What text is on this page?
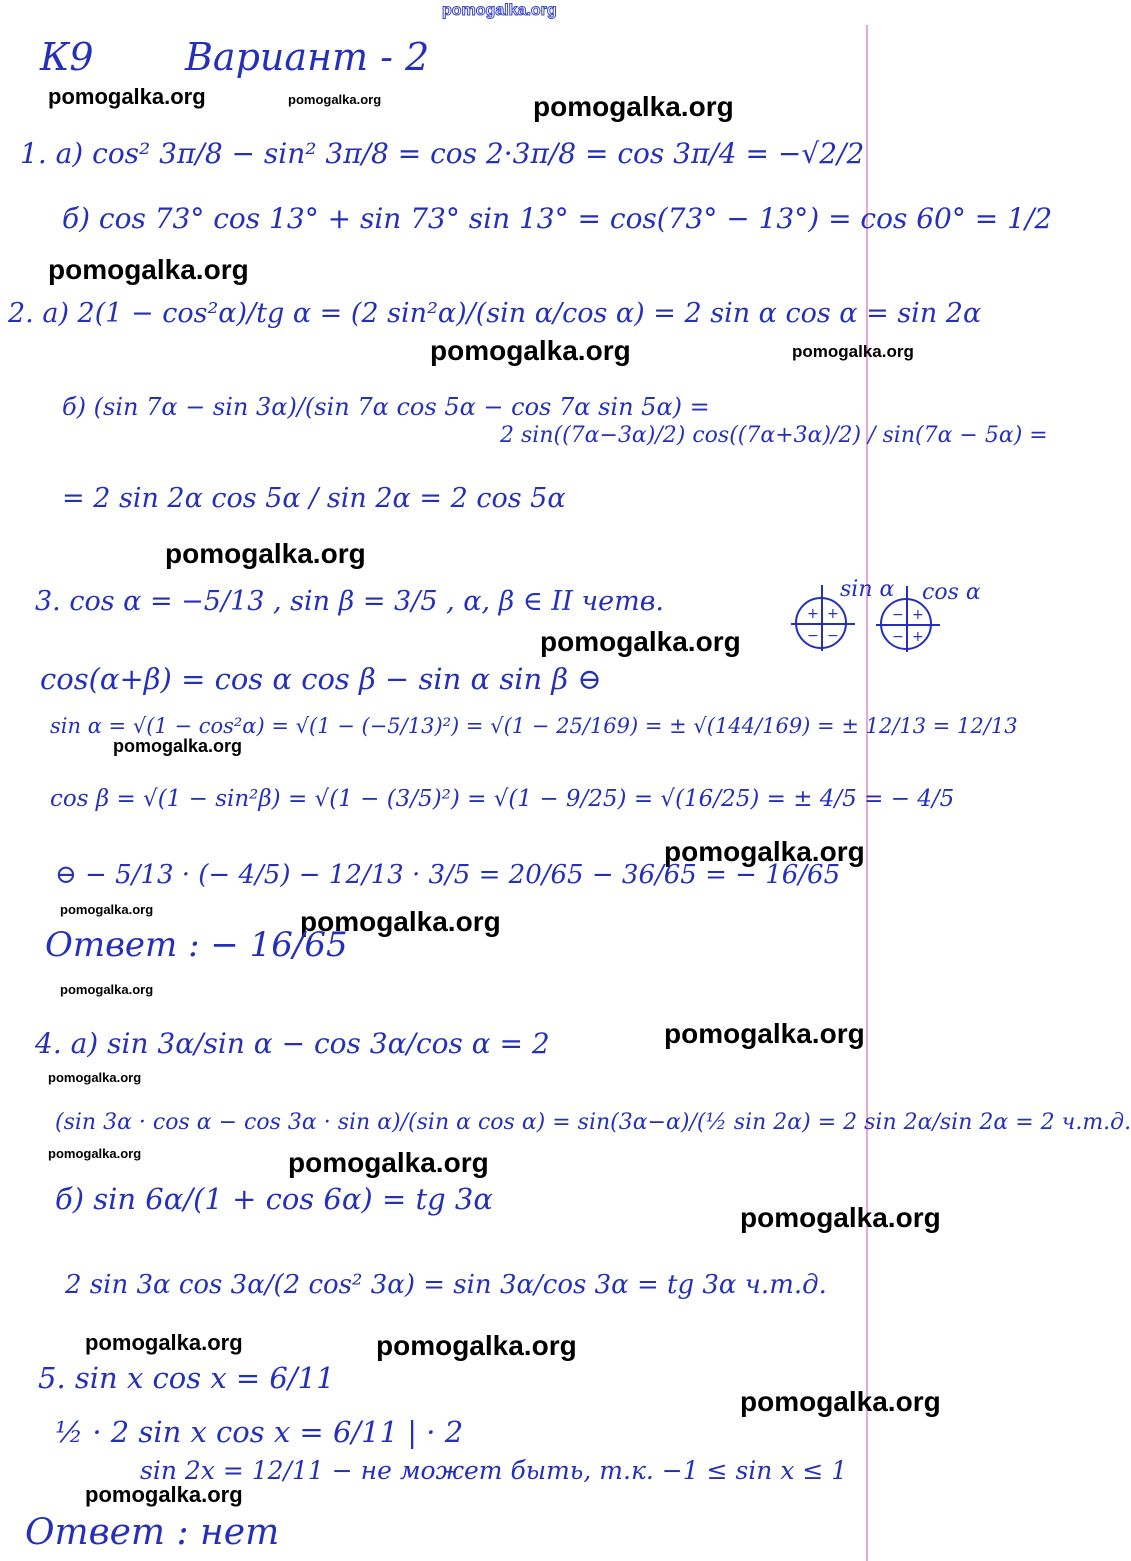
pomogalka.org
К9 Вариант - 2
pomogalka.org	pomogalka.org	pomogalka.org
1. а) cos² 3π/8 − sin² 3π/8 = cos 2·3π/8 = cos 3π/4 = −√2/2
б) cos 73° cos 13° + sin 73° sin 13° = cos(73° − 13°) = cos 60° = 1/2
pomogalka.org
2. а) 2(1 − cos²α)/tg α = (2 sin²α)/(sin α/cos α) = 2 sin α cos α = sin 2α
pomogalka.org	pomogalka.org
б) (sin 7α − sin 3α)/(sin 7α cos 5α − cos 7α sin 5α) =
2 sin((7α−3α)/2) cos((7α+3α)/2) / sin(7α − 5α) =
= 2 sin 2α cos 5α / sin 2α = 2 cos 5α
pomogalka.org
3. cos α = −5/13 , sin β = 3/5 , α, β ∈ II четв.	sin α
+ +
− −
cos α
− +
− +
pomogalka.org
cos(α+β) = cos α cos β − sin α sin β ⊖
sin α = √(1 − cos²α) = √(1 − (−5/13)²) = √(1 − 25/169) = ± √(144/169) = ± 12/13 = 12/13
pomogalka.org
cos β = √(1 − sin²β) = √(1 − (3/5)²) = √(1 − 9/25) = √(16/25) = ± 4/5 = − 4/5
pomogalka.org
⊖ − 5/13 · (− 4/5) − 12/13 · 3/5 = 20/65 − 36/65 = − 16/65
pomogalka.org	pomogalka.org
Ответ : − 16/65
pomogalka.org
4. а) sin 3α/sin α − cos 3α/cos α = 2	pomogalka.org
pomogalka.org
(sin 3α · cos α − cos 3α · sin α)/(sin α cos α) = sin(3α−α)/(½ sin 2α) = 2 sin 2α/sin 2α = 2 ч.т.д.
pomogalka.org	pomogalka.org
б) sin 6α/(1 + cos 6α) = tg 3α
pomogalka.org
2 sin 3α cos 3α/(2 cos² 3α) = sin 3α/cos 3α = tg 3α ч.т.д.
pomogalka.org	pomogalka.org
5. sin x cos x = 6/11
pomogalka.org
½ · 2 sin x cos x = 6/11 | · 2
sin 2x = 12/11 − не может быть, т.к. −1 ≤ sin x ≤ 1
pomogalka.org
Ответ : нет
